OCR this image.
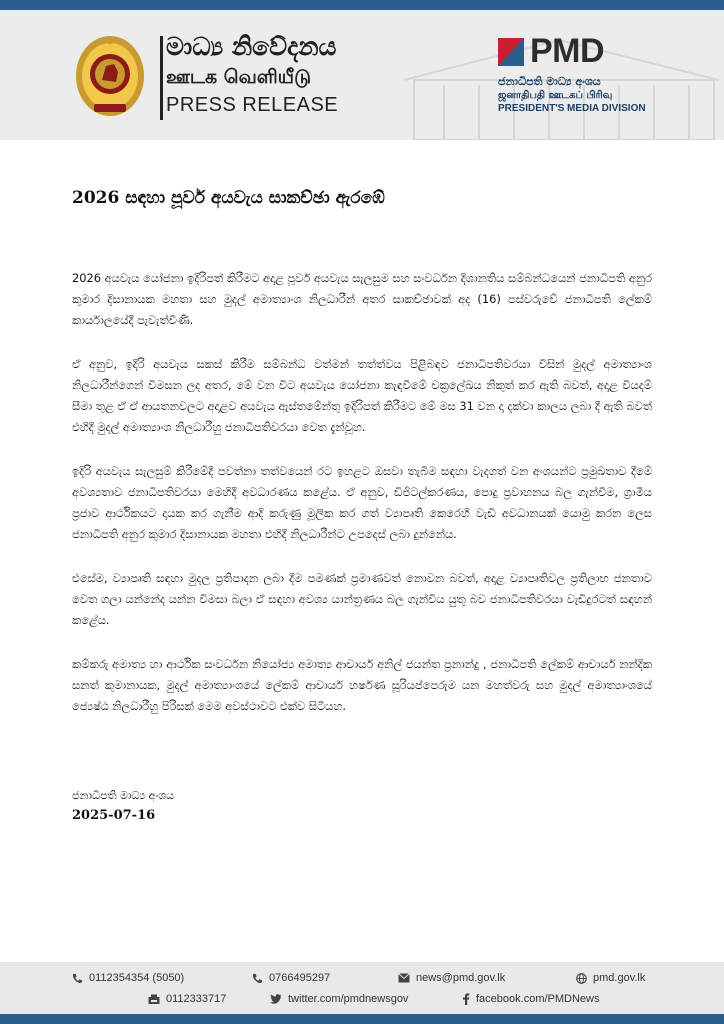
මාධ්‍ය නිවේදනය
ஊடக வெளியீடு
PRESS RELEASE
PMD
ජනාධිපති මාධ්‍ය අංශය
ஜனாதிபதி ஊடகப் பிரிவு
PRESIDENT'S MEDIA DIVISION
2026 සඳහා පූර්ව අයවැය සාකච්ඡා ඇරඹේ

2026 අයවැය යෝජනා ඉදිරිපත් කිරීමට අදාළ පූර්ව අයවැය සැලසුම සහ සංවර්ධන දිශානතිය සම්බන්ධයෙන් ජනාධිපති අනුර කුමාර දිසානායක මහතා සහ මුදල් අමාත්‍යාංශ නිලධාරීන් අතර සාකච්ඡාවක් අද (16) පස්වරුවේ ජනාධිපති ලේකම් කාර්යාලයේදී පැවැත්විණි.

ඒ අනුව, ඉදිරි අයවැය සකස් කිරීම සම්බන්ධ වත්මන් තත්ත්වය පිළිබඳව ජනාධිපතිවරයා විසින් මුදල් අමාත්‍යාංශ නිලධාරීන්ගෙන් විමසන ලද අතර, මේ වන විට අයවැය යෝජනා කැඳවීමේ චක්‍රලේඛය නිකුත් කර ඇති බවත්, අදාළ වියදම් සීමා තුළ ඒ ඒ ආයතනවලට අදාළව අයවැය ඇස්තමේන්තු ඉදිරිපත් කිරීමට මේ මස 31 වන දා දක්වා කාලය ලබා දී ඇති බවත් එහිදී මුදල් අමාත්‍යාංශ නිලධාරීහු ජනාධිපතිවරයා වෙත දැන්වූහ.

ඉදිරි අයවැය සැලසුම් කිරීමේදී පවත්නා තත්වයෙන් රට ඉහළට ඔසවා තැබීම සඳහා වැදගත් වන අංශයන්ට ප්‍රමුඛතාව දීමේ අවශ්‍යතාව ජනාධිපතිවරයා මෙහිදී අවධාරණය කළේය. ඒ අනුව, ඩිජිටල්කරණය, පොදු ප්‍රවාහනය බල ගැන්වීම, ග්‍රාමීය ප්‍රජාව ආර්ථිකයට දායක කර ගැනීම ආදි කරුණු මූලික කර ගත් ව්‍යාපෘති කෙරෙහි වැඩි අවධානයක් යොමු කරන ලෙස ජනාධිපති අනුර කුමාර දිසානායක මහතා එහිදී නිලධාරීන්ට උපදෙස් ලබා දුන්නේය.

එසේම, ව්‍යාපෘති සඳහා මුදල ප්‍රතිපාදන ලබා දීම පමණක් ප්‍රමාණවත් නොවන බවත්, අදාළ ව්‍යාපෘතිවල ප්‍රතිලාභ ජනතාව වෙත ගලා යන්නේද යන්න විමසා බලා ඒ සඳහා අවශ්‍ය යාන්ත්‍රණය බල ගැන්විය යුතු බව ජනාධිපතිවරයා වැඩිදුරටත් සඳහන් කළේය.

කම්කරු අමාත්‍ය හා ආර්ථික සංවර්ධන නියෝජ්‍ය අමාත්‍ය ආචාර්ය අනිල් ජයන්ත ප්‍රනාන්දු , ජනාධිපති ලේකම් ආචාර්ය නන්දික සනත් කුමානායක, මුදල් අමාත්‍යාංශයේ ලේකම් ආචාර්ය හර්ෂණ සූරියප්පෙරුම යන මහත්වරු සහ මුදල් අමාත්‍යාංශයේ ජ්‍යෙෂ්ඨ නිලධාරීහු පිරිසක් මෙම අවස්ථාවට එක්ව සිටියහ.

ජනාධිපති මාධ්‍ය අංශය
2025-07-16
0112354354 (5050)	0766495297	news@pmd.gov.lk	pmd.gov.lk
0112333717	twitter.com/pmdnewsgov	facebook.com/PMDNews
